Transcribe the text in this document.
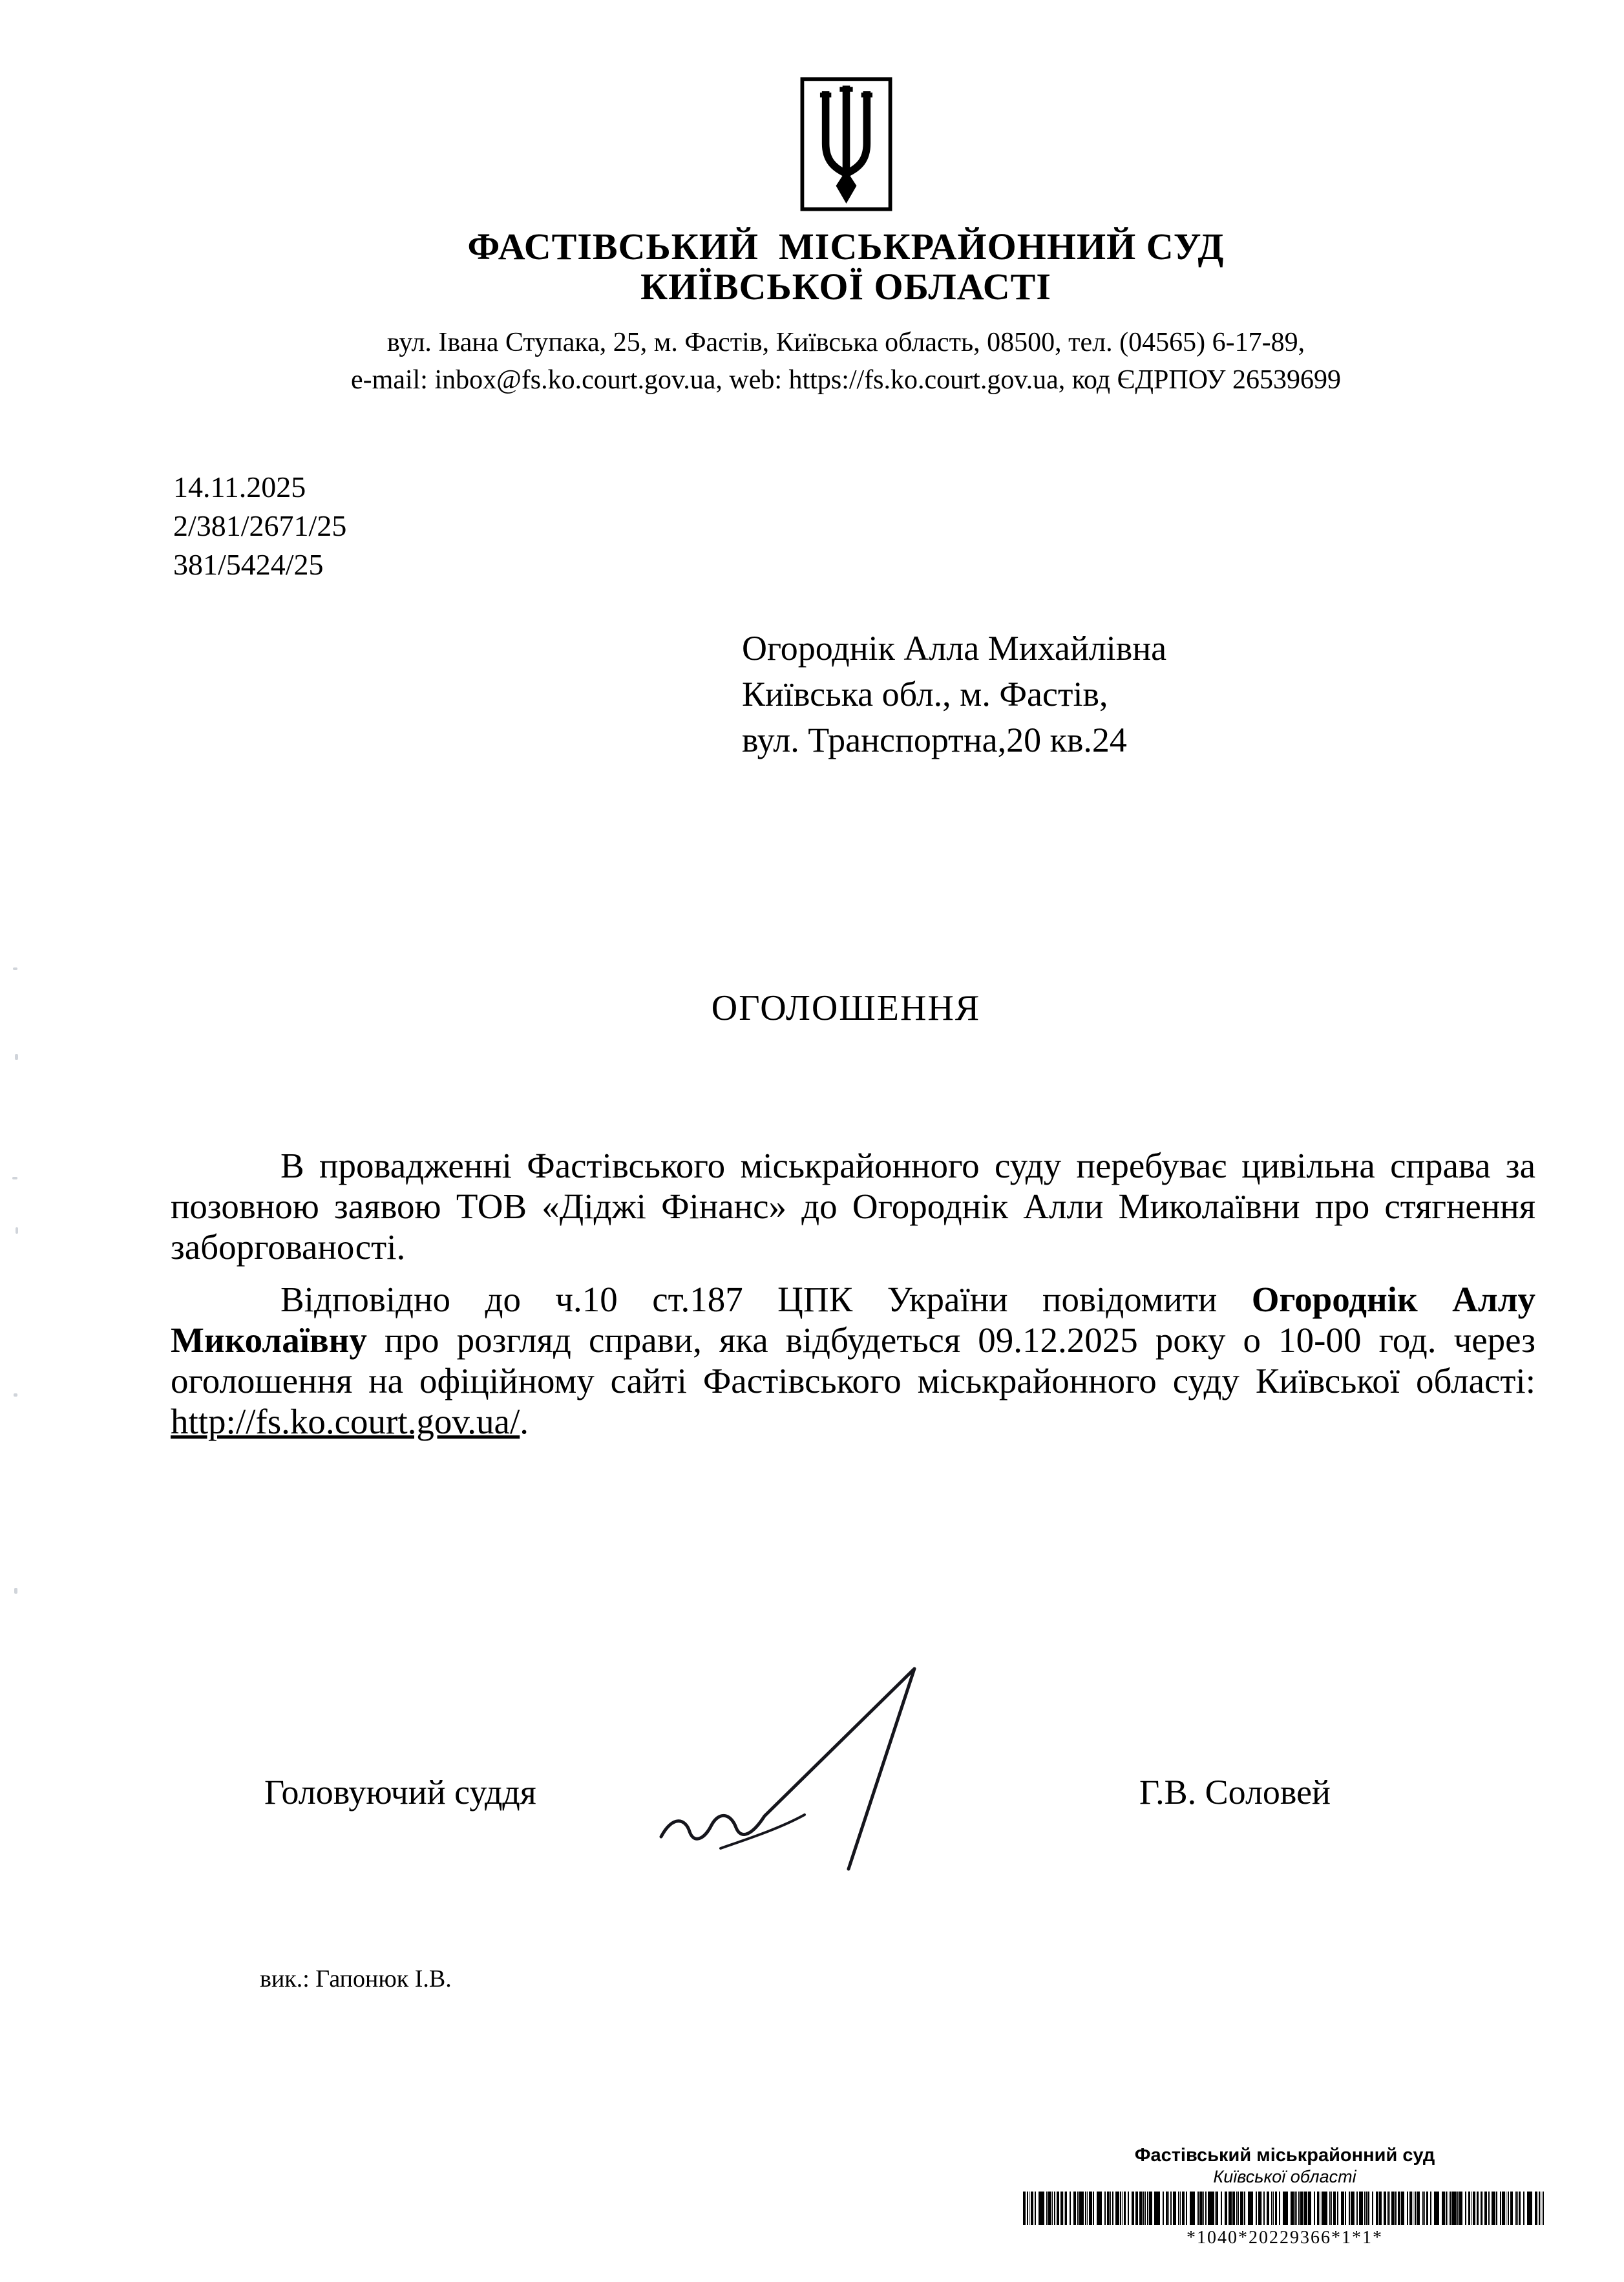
ФАСТІВСЬКИЙ  МІСЬКРАЙОННИЙ СУД
КИЇВСЬКОЇ ОБЛАСТІ
вул. Івана Ступака, 25, м. Фастів, Київська область, 08500, тел. (04565) 6-17-89,
e-mail: inbox@fs.ko.court.gov.ua, web: https://fs.ko.court.gov.ua, код ЄДРПОУ 26539699
14.11.2025
2/381/2671/25
381/5424/25
Огороднік Алла Михайлівна
Київська обл., м. Фастів,
вул. Транспортна,20 кв.24
ОГОЛОШЕННЯ

В провадженні Фастівського міськрайонного суду перебуває цивільна справа за позовною заявою ТОВ «Діджі Фінанс» до Огороднік Алли Миколаївни про стягнення заборгованості.

Відповідно до ч.10 ст.187 ЦПК України повідомити Огороднік Аллу Миколаївну про розгляд справи, яка відбудеться 09.12.2025 року о 10-00 год. через оголошення на офіційному сайті Фастівського міськрайонного суду Київської області: http://fs.ko.court.gov.ua/.

Головуючий суддя	Г.В. Соловей
вик.: Гапонюк І.В.
Фастівський міськрайонний суд
Київської області
*1040*20229366*1*1*
